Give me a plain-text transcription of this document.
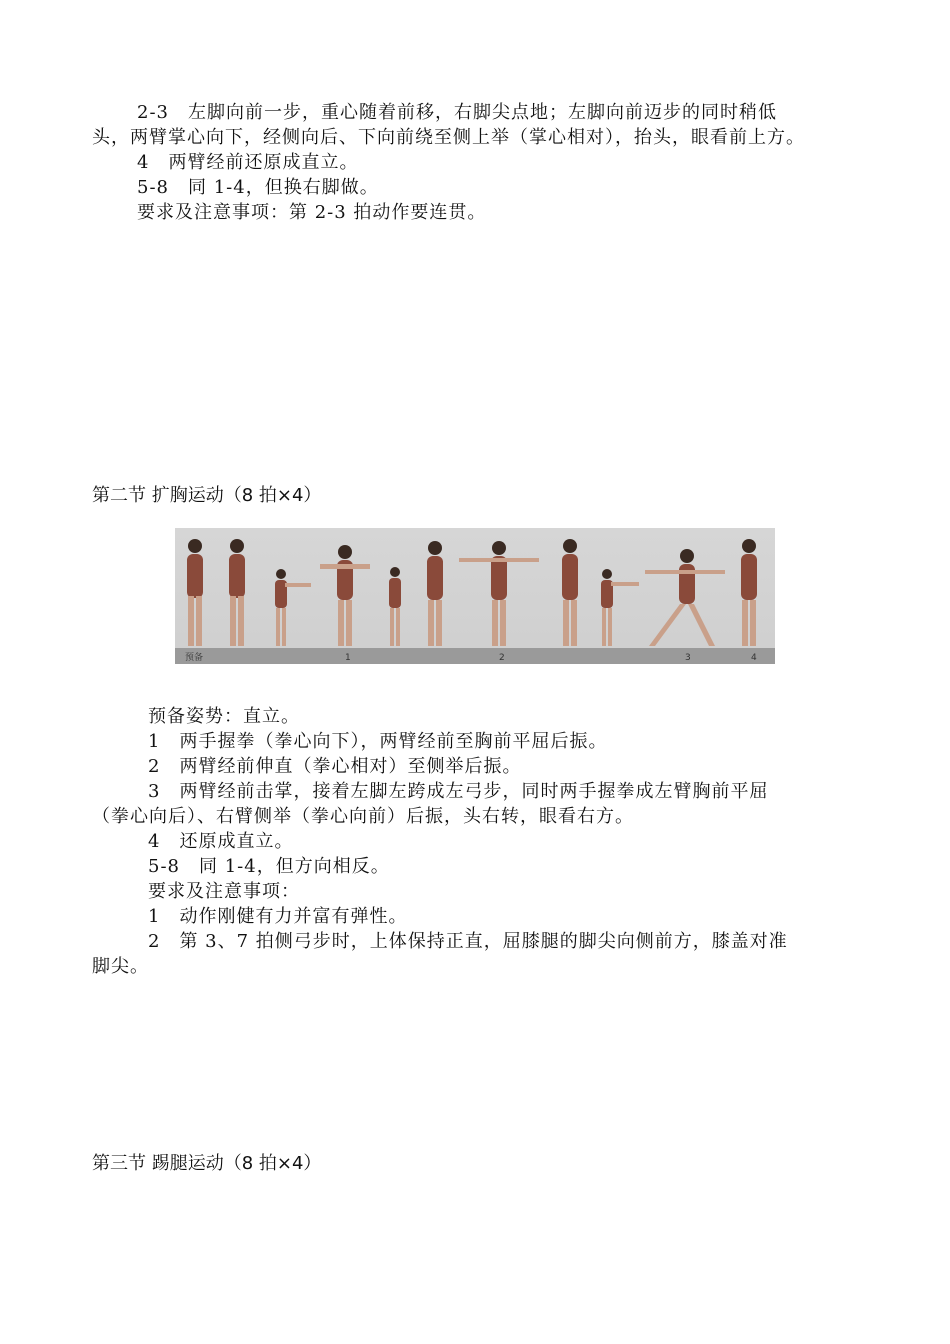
2-3　左脚向前一步，重心随着前移，右脚尖点地；左脚向前迈步的同时稍低
头，两臂掌心向下，经侧向后、下向前绕至侧上举（掌心相对），抬头，眼看前上方。
4　两臂经前还原成直立。
5-8　同 1-4，但换右脚做。
要求及注意事项：第 2-3 拍动作要连贯。
第二节 扩胸运动（8 拍×4）
预备	1	2	3	4
预备姿势：直立。
1　两手握拳（拳心向下），两臂经前至胸前平屈后振。
2　两臂经前伸直（拳心相对）至侧举后振。
3　两臂经前击掌，接着左脚左跨成左弓步，同时两手握拳成左臂胸前平屈
（拳心向后）、右臂侧举（拳心向前）后振，头右转，眼看右方。
4　还原成直立。
5-8　同 1-4，但方向相反。
要求及注意事项：
1　动作刚健有力并富有弹性。
2　第 3、7 拍侧弓步时，上体保持正直，屈膝腿的脚尖向侧前方，膝盖对准
脚尖。
第三节 踢腿运动（8 拍×4）
